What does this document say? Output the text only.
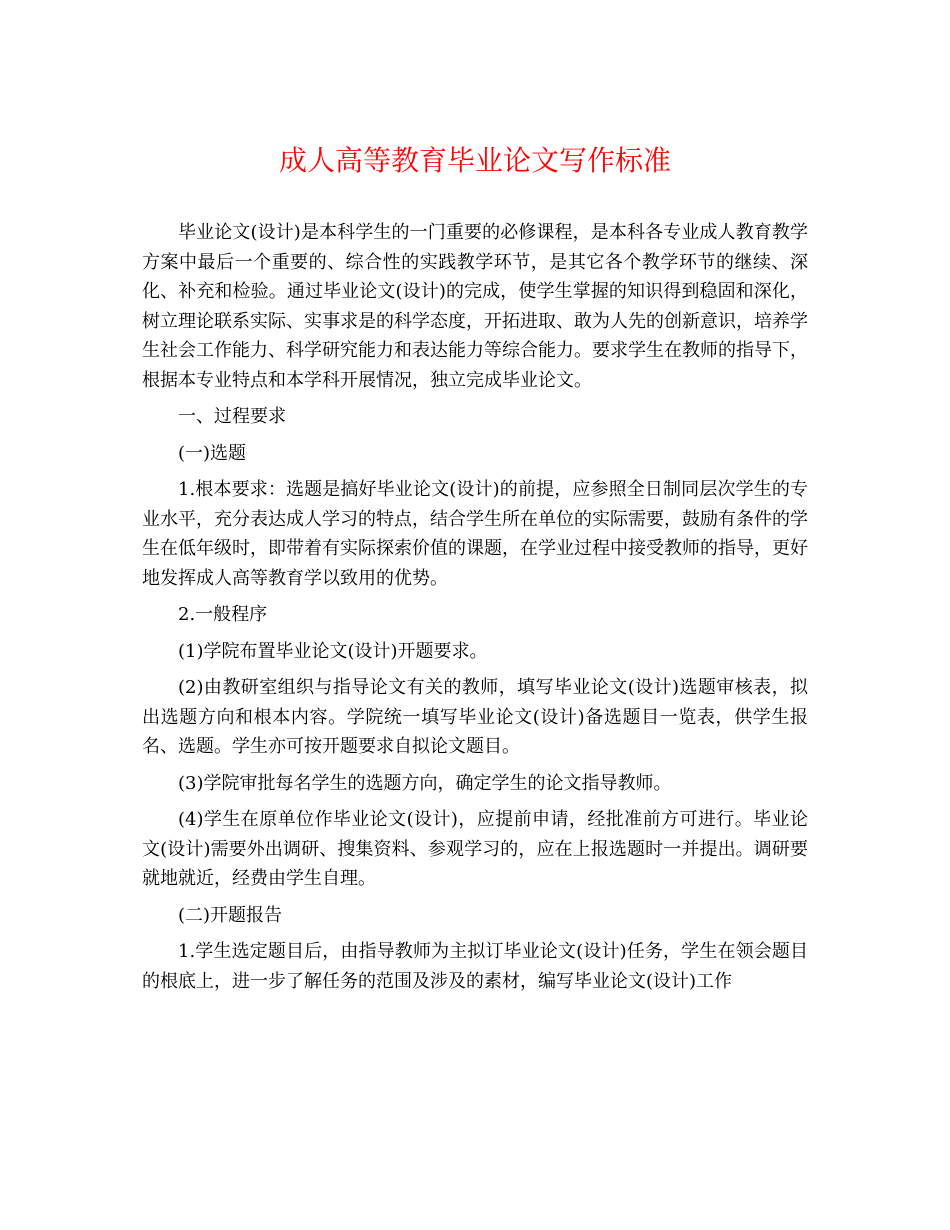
成人高等教育毕业论文写作标准

毕业论文(设计)是本科学生的一门重要的必修课程，是本科各专业成人教育教学方案中最后一个重要的、综合性的实践教学环节，是其它各个教学环节的继续、深化、补充和检验。通过毕业论文(设计)的完成，使学生掌握的知识得到稳固和深化，树立理论联系实际、实事求是的科学态度，开拓进取、敢为人先的创新意识，培养学生社会工作能力、科学研究能力和表达能力等综合能力。要求学生在教师的指导下，根据本专业特点和本学科开展情况，独立完成毕业论文。

一、过程要求

(一)选题

1.根本要求：选题是搞好毕业论文(设计)的前提，应参照全日制同层次学生的专业水平，充分表达成人学习的特点，结合学生所在单位的实际需要，鼓励有条件的学生在低年级时，即带着有实际探索价值的课题，在学业过程中接受教师的指导，更好地发挥成人高等教育学以致用的优势。

2.一般程序

(1)学院布置毕业论文(设计)开题要求。

(2)由教研室组织与指导论文有关的教师，填写毕业论文(设计)选题审核表，拟出选题方向和根本内容。学院统一填写毕业论文(设计)备选题目一览表，供学生报名、选题。学生亦可按开题要求自拟论文题目。

(3)学院审批每名学生的选题方向，确定学生的论文指导教师。

(4)学生在原单位作毕业论文(设计)，应提前申请，经批准前方可进行。毕业论文(设计)需要外出调研、搜集资料、参观学习的，应在上报选题时一并提出。调研要就地就近，经费由学生自理。

(二)开题报告

1.学生选定题目后，由指导教师为主拟订毕业论文(设计)任务，学生在领会题目的根底上，进一步了解任务的范围及涉及的素材，编写毕业论文(设计)工作
